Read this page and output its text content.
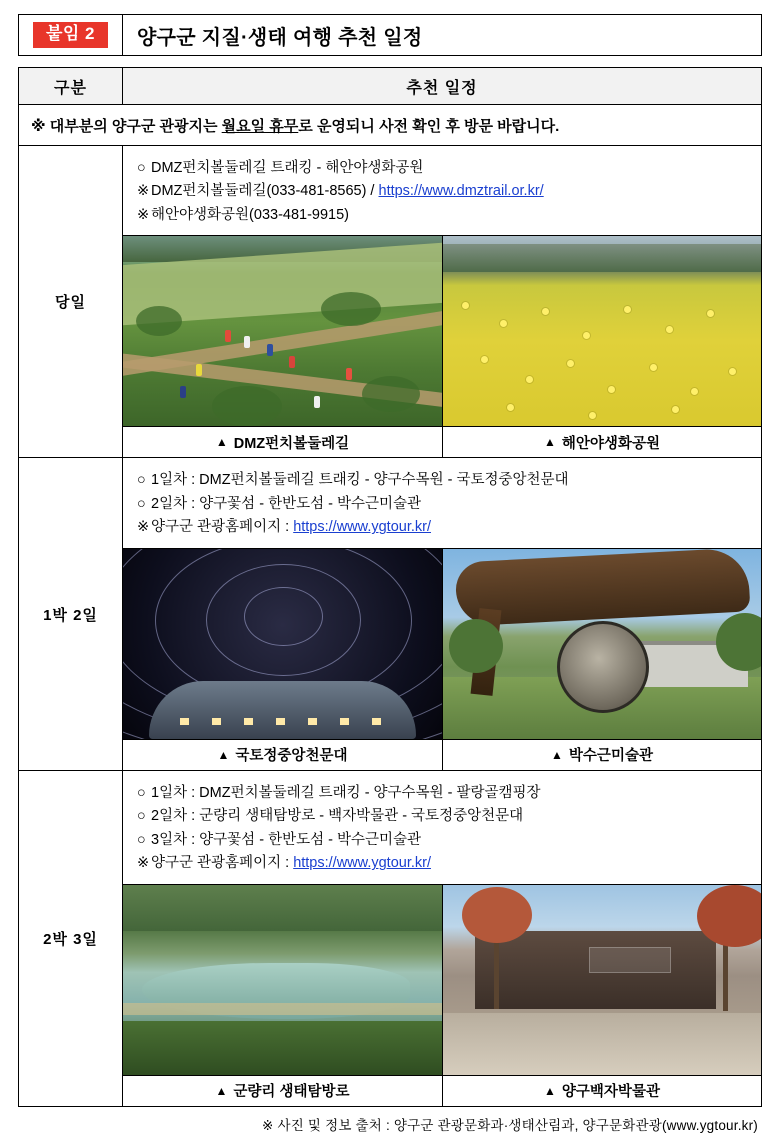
붙임 2	양구군 지질·생태 여행 추천 일정
구분	추천 일정
※ 대부분의 양구군 관광지는 월요일 휴무로 운영되니 사전 확인 후 방문 바랍니다.	
당일	
○ DMZ펀치볼둘레길 트래킹 - 해안야생화공원
※ DMZ펀치볼둘레길(033-481-8565) / https://www.dmztrail.or.kr/
※ 해안야생화공원(033-481-9915)
▲ DMZ펀치볼둘레길	▲ 해안야생화공원

1박 2일	
○ 1일차 : DMZ펀치볼둘레길 트래킹 - 양구수목원 - 국토정중앙천문대
○ 2일차 : 양구꽃섬 - 한반도섬 - 박수근미술관
※ 양구군 관광홈페이지 : https://www.ygtour.kr/
▲ 국토정중앙천문대	▲ 박수근미술관

2박 3일	
○ 1일차 : DMZ펀치볼둘레길 트래킹 - 양구수목원 - 팔랑골캠핑장
○ 2일차 : 군량리 생태탐방로 - 백자박물관 - 국토정중앙천문대
○ 3일차 : 양구꽃섬 - 한반도섬 - 박수근미술관
※ 양구군 관광홈페이지 : https://www.ygtour.kr/
▲ 군량리 생태탐방로	▲ 양구백자박물관
※ 사진 및 정보 출처 : 양구군 관광문화과·생태산림과, 양구문화관광(www.ygtour.kr)
